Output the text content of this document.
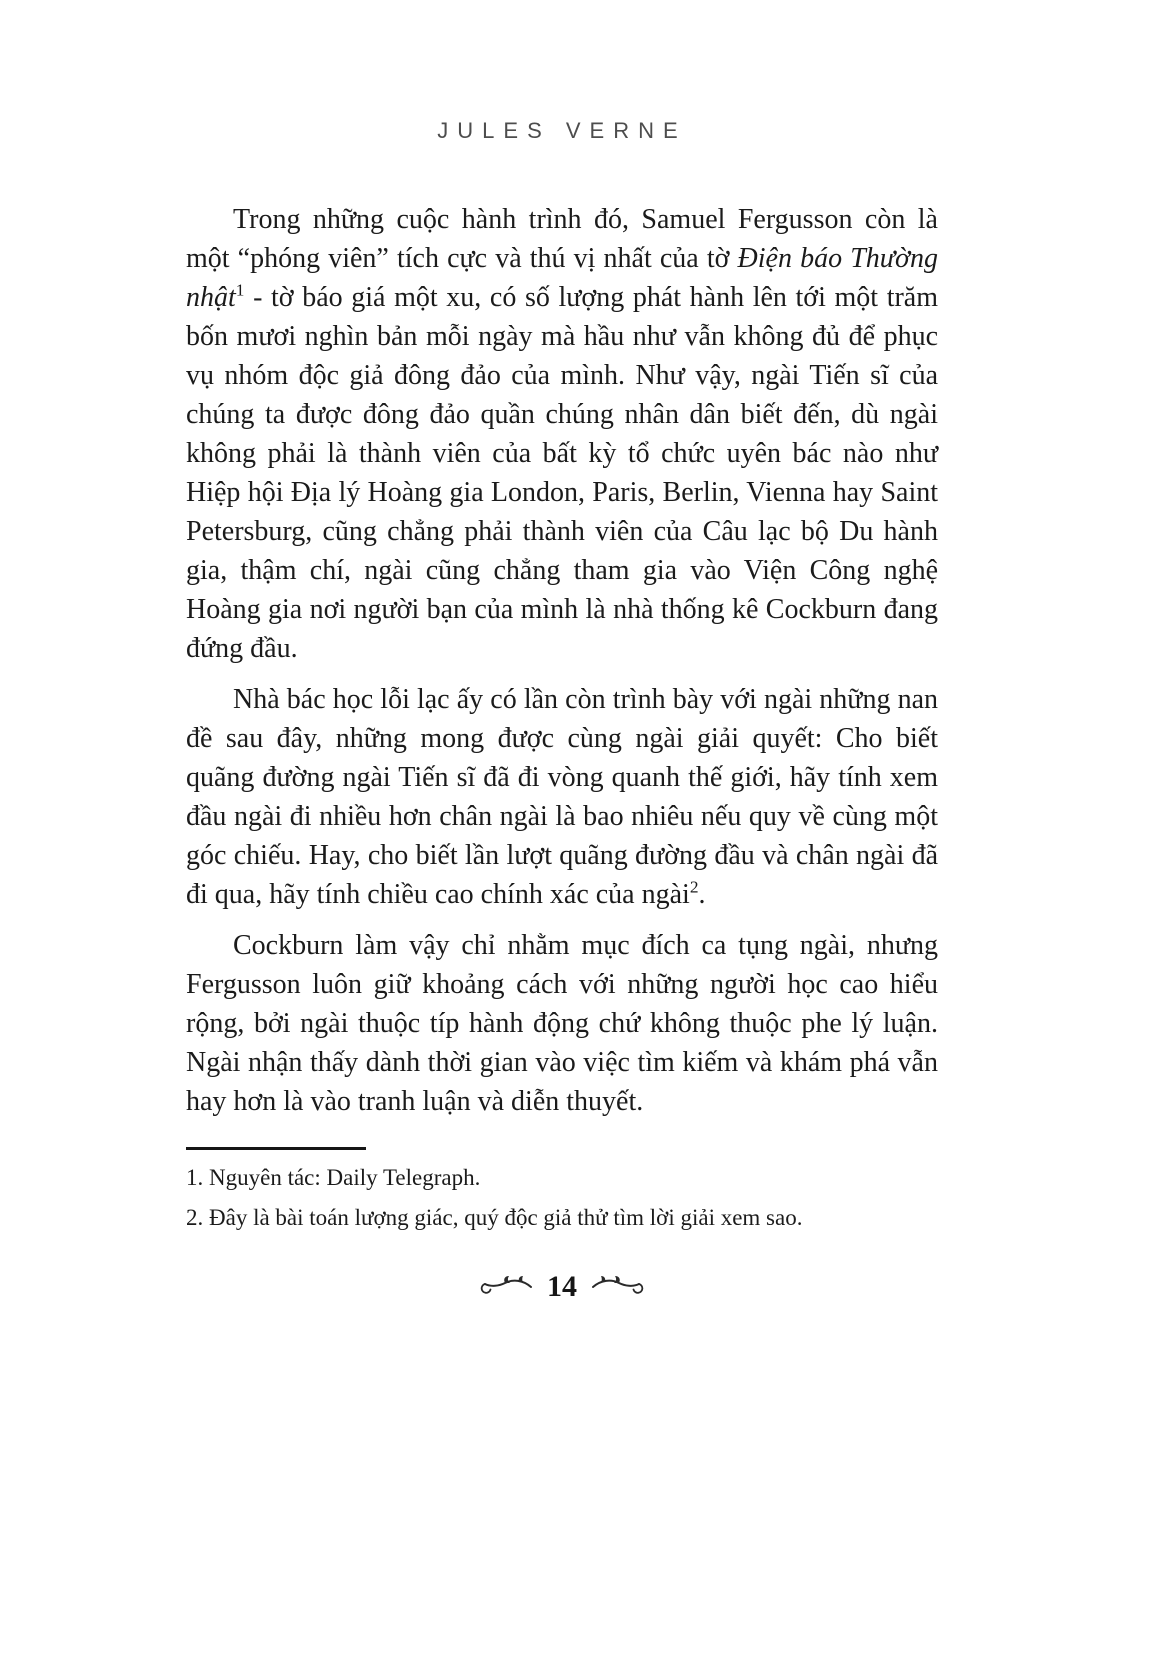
JULES VERNE

Trong những cuộc hành trình đó, Samuel Fergusson còn là một “phóng viên” tích cực và thú vị nhất của tờ Điện báo Thường nhật$^1$ - tờ báo giá một xu, có số lượng phát hành lên tới một trăm bốn mươi nghìn bản mỗi ngày mà hầu như vẫn không đủ để phục vụ nhóm độc giả đông đảo của mình. Như vậy, ngài Tiến sĩ của chúng ta được đông đảo quần chúng nhân dân biết đến, dù ngài không phải là thành viên của bất kỳ tổ chức uyên bác nào như Hiệp hội Địa lý Hoàng gia London, Paris, Berlin, Vienna hay Saint Petersburg, cũng chẳng phải thành viên của Câu lạc bộ Du hành gia, thậm chí, ngài cũng chẳng tham gia vào Viện Công nghệ Hoàng gia nơi người bạn của mình là nhà thống kê Cockburn đang đứng đầu.

Nhà bác học lỗi lạc ấy có lần còn trình bày với ngài những nan đề sau đây, những mong được cùng ngài giải quyết: Cho biết quãng đường ngài Tiến sĩ đã đi vòng quanh thế giới, hãy tính xem đầu ngài đi nhiều hơn chân ngài là bao nhiêu nếu quy về cùng một góc chiếu. Hay, cho biết lần lượt quãng đường đầu và chân ngài đã đi qua, hãy tính chiều cao chính xác của ngài$^2$.

Cockburn làm vậy chỉ nhằm mục đích ca tụng ngài, nhưng Fergusson luôn giữ khoảng cách với những người học cao hiểu rộng, bởi ngài thuộc típ hành động chứ không thuộc phe lý luận. Ngài nhận thấy dành thời gian vào việc tìm kiếm và khám phá vẫn hay hơn là vào tranh luận và diễn thuyết.

1. Nguyên tác: Daily Telegraph.

2. Đây là bài toán lượng giác, quý độc giả thử tìm lời giải xem sao.

14
